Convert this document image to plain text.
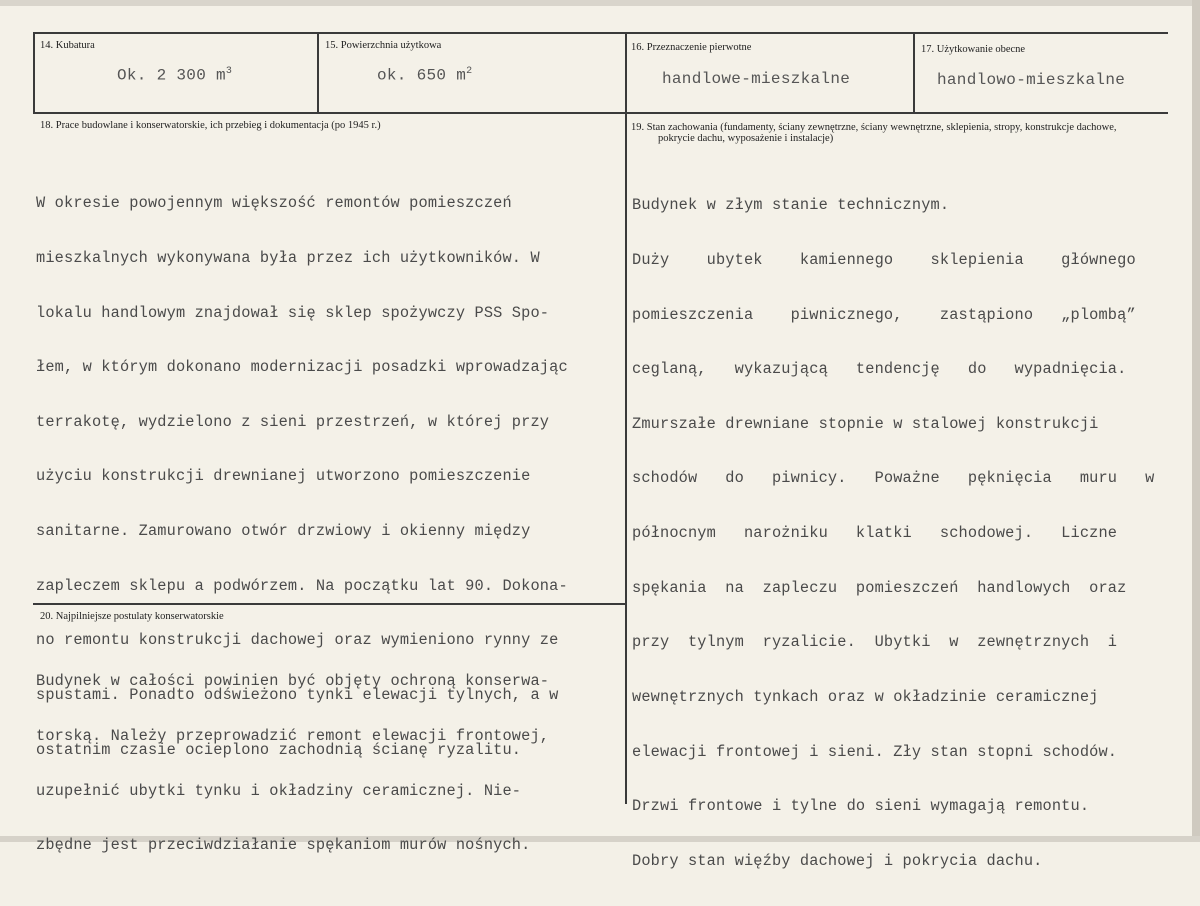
14. Kubatura
Ok. 2 300 $m^3$
15. Powierzchnia użytkowa
ok. 650 $m^2$
16. Przeznaczenie pierwotne
handlowe-mieszkalne
17. Użytkowanie obecne
handlowo-mieszkalne
18. Prace budowlane i konserwatorskie, ich przebieg i dokumentacja (po 1945 r.)

W okresie powojennym większość remontów pomieszczeń

mieszkalnych wykonywana była przez ich użytkowników. W

lokalu handlowym znajdował się sklep spożywczy PSS Spo-

łem, w którym dokonano modernizacji posadzki wprowadzając

terrakotę, wydzielono z sieni przestrzeń, w której przy

użyciu konstrukcji drewnianej utworzono pomieszczenie

sanitarne. Zamurowano otwór drzwiowy i okienny między

zapleczem sklepu a podwórzem. Na początku lat 90. Dokona-

no remontu konstrukcji dachowej oraz wymieniono rynny ze

spustami. Ponadto odświeżono tynki elewacji tylnych, a w

ostatnim czasie ocieplono zachodnią ścianę ryzalitu.

19. Stan zachowania (fundamenty, ściany zewnętrzne, ściany wewnętrzne, sklepienia, stropy, konstrukcje dachowe,
pokrycie dachu, wyposażenie i instalacje)

Budynek w złym stanie technicznym.

Duży    ubytek    kamiennego    sklepienia    głównego

pomieszczenia    piwnicznego,    zastąpiono   „plombą”

ceglaną,   wykazującą   tendencję   do   wypadnięcia.

Zmurszałe drewniane stopnie w stalowej konstrukcji

schodów   do   piwnicy.   Poważne   pęknięcia   muru   w

północnym   narożniku   klatki   schodowej.   Liczne

spękania  na  zapleczu  pomieszczeń  handlowych  oraz

przy  tylnym  ryzalicie.  Ubytki  w  zewnętrznych  i

wewnętrznych tynkach oraz w okładzinie ceramicznej

elewacji frontowej i sieni. Zły stan stopni schodów.

Drzwi frontowe i tylne do sieni wymagają remontu.

Dobry stan więźby dachowej i pokrycia dachu.

20. Najpilniejsze postulaty konserwatorskie

Budynek w całości powinien być objęty ochroną konserwa-

torską. Należy przeprowadzić remont elewacji frontowej,

uzupełnić ubytki tynku i okładziny ceramicznej. Nie-

zbędne jest przeciwdziałanie spękaniom murów nośnych.
